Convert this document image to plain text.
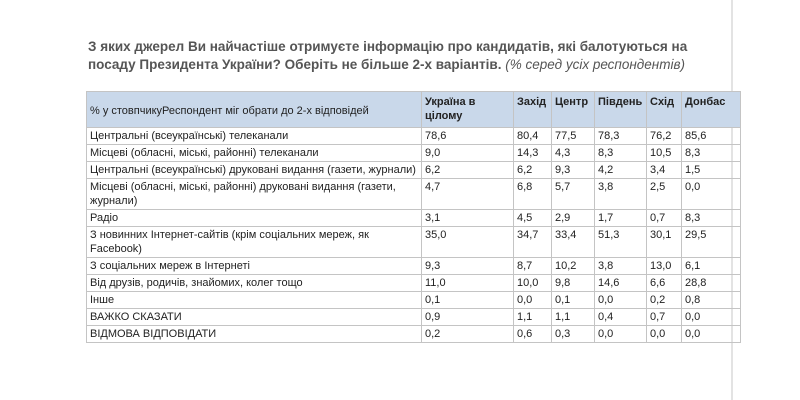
З яких джерел Ви найчастіше отримуєте інформацію про кандидатів, які балотуються на посаду Президента України? Оберіть не більше 2-х варіантів. (% серед усіх респондентів)
% у стовпчикуРеспондент міг обрати до 2-х відповідей	Україна в цілому	Захід	Центр	Південь	Схід	Донбас
Центральні (всеукраїнські) телеканали	78,6	80,4	77,5	78,3	76,2	85,6
Місцеві (обласні, міські, районні) телеканали	9,0	14,3	4,3	8,3	10,5	8,3
Центральні (всеукраїнські) друковані видання (газети, журнали)	6,2	6,2	9,3	4,2	3,4	1,5
Місцеві (обласні, міські, районні) друковані видання (газети, журнали)	4,7	6,8	5,7	3,8	2,5	0,0
Радіо	3,1	4,5	2,9	1,7	0,7	8,3
З новинних Інтернет-сайтів (крім соціальних мереж, як Facebook)	35,0	34,7	33,4	51,3	30,1	29,5
З соціальних мереж в Інтернеті	9,3	8,7	10,2	3,8	13,0	6,1
Від друзів, родичів, знайомих, колег тощо	11,0	10,0	9,8	14,6	6,6	28,8
Інше	0,1	0,0	0,1	0,0	0,2	0,8
ВАЖКО СКАЗАТИ	0,9	1,1	1,1	0,4	0,7	0,0
ВІДМОВА ВІДПОВІДАТИ	0,2	0,6	0,3	0,0	0,0	0,0
